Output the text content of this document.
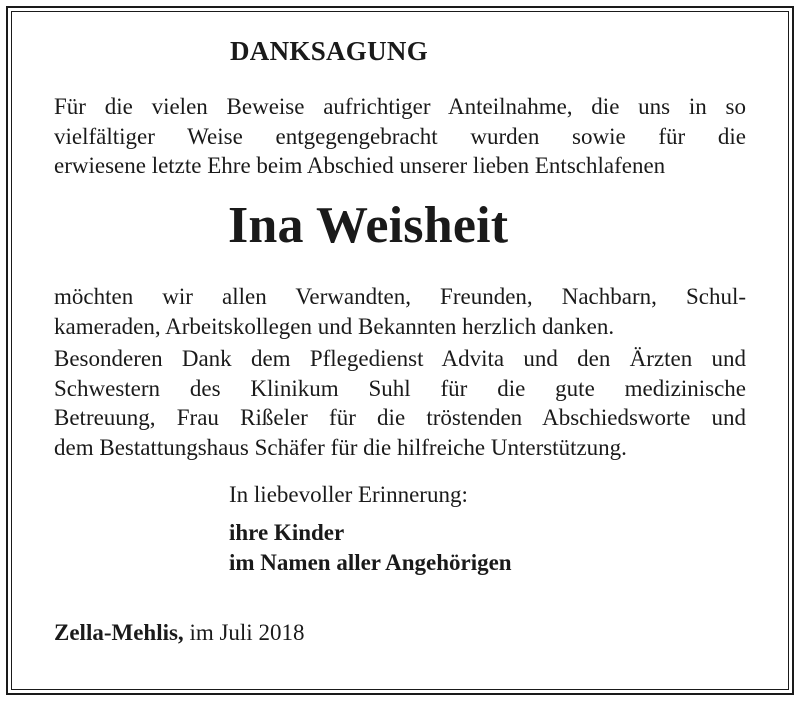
DANKSAGUNG
Für die vielen Beweise aufrichtiger Anteilnahme, die uns in so
vielfältiger Weise entgegengebracht wurden sowie für die
erwiesene letzte Ehre beim Abschied unserer lieben Entschlafenen
Ina Weisheit
möchten wir allen Verwandten, Freunden, Nachbarn, Schul-
kameraden, Arbeitskollegen und Bekannten herzlich danken.
Besonderen Dank dem Pflegedienst Advita und den Ärzten und
Schwestern des Klinikum Suhl für die gute medizinische
Betreuung, Frau Rißeler für die tröstenden Abschiedsworte und
dem Bestattungshaus Schäfer für die hilfreiche Unterstützung.
In liebevoller Erinnerung:
ihre Kinder
im Namen aller Angehörigen
Zella-Mehlis, im Juli 2018
